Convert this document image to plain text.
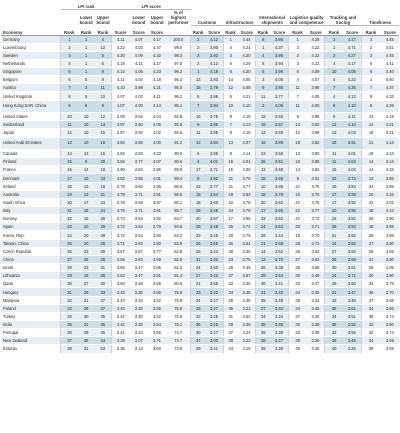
	LPI rank			LPI score				Customs		Infrastructure		International shipments		Logistics quality and competence		Tracking and tracing		Timeliness	
		Lower bound	Upper bound		Lower bound	Upper bound	% of highest performer												
Economy	Rank	Rank	Rank	Score	Score	Score		Rank	Score	Rank	Score	Rank	Score	Rank	Score	Rank	Score	Rank	Score
Germany	1	1	4	4.11	4.07	4.17	100.0	2	4.12	1	4.44	8	3.86	1	4.28	3	4.17	3	4.45
Luxembourg	2	1	12	4.22	4.02	4.47	99.0	3	3.90	4	4.24	1	4.37	3	4.22	1	4.71	2	4.51
Sweden	3	1	5	4.20	4.09	4.32	98.3	3	3.92	3	4.20	4	3.86	2	4.32	3	4.27	3	4.45
Netherlands	4	1	6	4.19	4.11	4.27	97.8	2	4.12	6	4.29	6	3.94	3	4.22	4	4.17	5	4.41
Singapore	5	1	9	4.14	4.05	4.23	96.3	1	4.18	6	4.20	5	3.96	6	4.09	10	4.05	6	4.40
Belgium	6	5	9	4.11	4.04	4.18	95.4	13	3.83	14	4.05	3	4.05	4	4.07	4	4.22	1	4.60
Austria	7	3	11	4.10	3.98	4.21	95.0	15	3.79	12	4.08	9	3.85	11	3.96	7	4.36	7	4.37
United Kingdom	8	5	10	4.07	4.03	4.11	95.2	5	3.98	5	4.21	11	3.77	7	4.05	4	4.13	9	4.33
Hong Kong SAR, China	9	6	9	4.07	4.00	4.14	95.1	7	3.94	10	4.10	2	4.05	11	4.00	8	4.10	8	4.29
United States	10	10	12	3.99	3.94	4.04	92.8	16	3.75	8	4.15	19	3.65	8	3.98	9	4.11	13	4.19
Switzerland	11	10	14	3.97	3.90	4.06	92.6	6	3.86	7	4.13	18	3.67	14	3.92	12	4.14	14	4.21
Japan	12	10	15	3.97	3.92	4.02	92.6	11	3.85	9	4.16	13	3.69	12	3.99	13	4.03	16	4.21
United Arab Emirates	13	10	16	3.94	3.86	4.00	91.2	12	3.84	13	4.07	16	3.89	18	3.82	18	3.91	21	4.13
Canada	14	12	16	3.93	3.83	4.03	90.5	6	3.95	9	4.14	23	3.56	13	3.90	11	4.01	18	4.24
Finland	15	9	20	3.92	3.77	4.07	90.6	4	4.01	16	4.01	26	3.51	10	3.88	11	4.04	14	4.14
France	16	14	18	3.90	3.84	3.96	89.9	17	3.71	15	4.00	12	3.68	14	3.84	16	4.04	14	4.15
Denmark	17	10	23	3.82	3.65	4.01	89.4	8	3.92	21	3.75	15	3.66	9	4.01	23	3.74	12	3.86
Ireland	18	13	18	3.79	3.60	3.96	86.6	22	3.77	21	3.77	10	3.86	21	3.76	19	3.84	24	3.86
Australia	19	13	21	3.79	3.71	3.91	86.6	18	3.54	18	3.82	16	3.78	16	3.75	17	3.98	20	4.16
South Africa	20	17	24	3.78	3.69	3.87	86.1	18	3.60	22	3.78	20	3.62	22	3.75	17	3.92	22	4.02
Italy	21	18	24	3.76	3.71	3.81	85.7	29	3.45	24	3.78	17	3.65	22	3.77	20	3.86	18	4.13
Norway	22	15	29	3.73	3.54	3.92	84.7	20	3.57	17	3.95	32	3.52	22	3.73	22	3.82	26	3.90
Spain	23	20	29	3.72	3.64	3.79	84.6	28	3.48	25	3.74	24	3.53	20	3.71	26	3.84	18	3.88
Korea, Rep.	24	20	28	3.72	3.64	3.80	84.2	23	3.45	20	3.79	28	3.44	19	3.70	21	3.92	29	3.88
Taiwan, China	25	20	28	3.71	3.62	3.80	83.9	26	3.55	26	3.64	21	3.58	25	3.73	14	3.92	27	3.90
Czech Republic	26	23	29	3.67	3.57	3.77	82.8	25	3.44	30	3.36	14	3.62	26	3.62	27	3.84	25	3.92
China	27	26	28	3.66	3.63	3.69	82.5	31	3.32	23	3.75	12	3.70	27	3.62	28	3.68	31	3.90
Israel	28	23	31	3.66	3.47	3.85	82.3	24	3.50	29	3.49	36	3.38	28	3.68	30	3.61	25	4.05
Lithuania	29	18	38	3.63	3.47	3.81	81.4	27	3.42	27	3.57	28	3.54	30	3.49	24	3.71	30	3.80
Qatar	30	27	30	3.60	3.48	3.69	80.6	21	3.55	33	3.36	40	3.41	33	3.47	29	3.60	32	3.79
Hungary	31	26	33	3.43	3.30	3.56	75.9	33	3.22	34	3.48	31	3.40	34	3.35	31	3.47	36	3.70
Malaysia	32	21	37	3.43	3.34	3.52	75.8	34	3.17	28	3.45	35	3.48	35	3.34	33	3.46	37	3.65
Poland	33	29	37	3.43	3.30	3.55	75.6	33	3.27	35	3.21	27	3.34	34	3.45	35	3.61	34	3.66
Turkey	34	30	35	3.42	3.30	3.52	75.6	32	3.25	31	3.52	34	3.34	37	3.30	34	3.51	35	3.74
India	35	31	36	3.42	3.30	3.54	75.1	36	3.15	29	3.36	35	3.36	30	3.39	35	3.52	33	3.50
Portugal	36	29	46	3.41	3.23	3.55	74.7	30	3.17	37	3.24	39	3.39	33	3.39	32	3.55	32	3.74
New Zealand	37	35	44	3.39	3.07	3.71	74.7	37	3.00	38	3.22	38	3.27	39	3.36	38	3.48	34	3.59
Estonia	38	31	53	3.36	3.13	3.60	73.9	29	3.41	44	3.18	39	3.36	48	3.25	40	3.25	39	3.59
